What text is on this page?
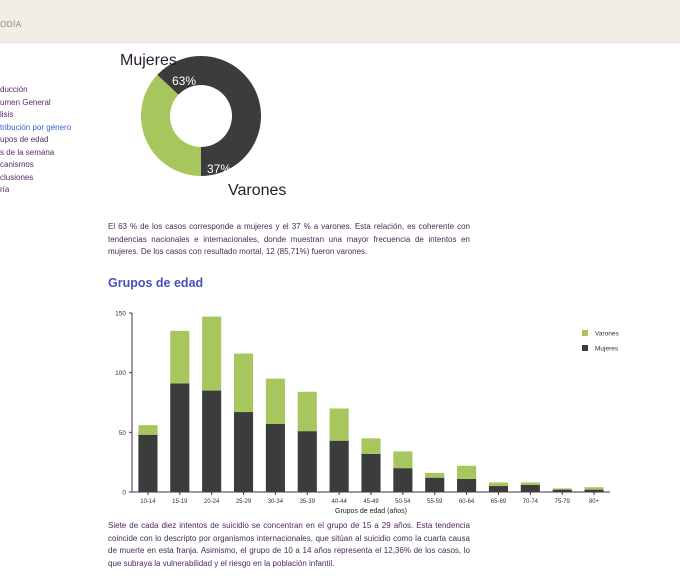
ODÍA
ducción
umen General
lisis
tribución por género
upos de edad
s de la semana
canismos
clusiones
ría
Mujeres
63%
37%
Varones

El 63 % de los casos corresponde a mujeres y el 37 % a varones. Esta relación, es coherente con tendencias nacionales e internacionales, donde muestran una mayor frecuencia de intentos en mujeres. De los casos con resultado mortal, 12 (85,71%) fueron varones.

Grupos de edad
0
50
100
150
10-14	15-19	20-24	25-29	30-34	35-39	40-44	45-49	50-54	55-59	60-64	65-69	70-74	75-79	80+
Grupos de edad (años)
Varones
Mujeres

Siete de cada diez intentos de suicidio se concentran en el grupo de 15 a 29 años. Esta tendencia coincide con lo descripto por organismos internacionales, que sitúan al suicidio como la cuarta causa de muerte en esta franja. Asimismo, el grupo de 10 a 14 años representa el 12,36% de los casos, lo que subraya la vulnerabilidad y el riesgo en la población infantil.
